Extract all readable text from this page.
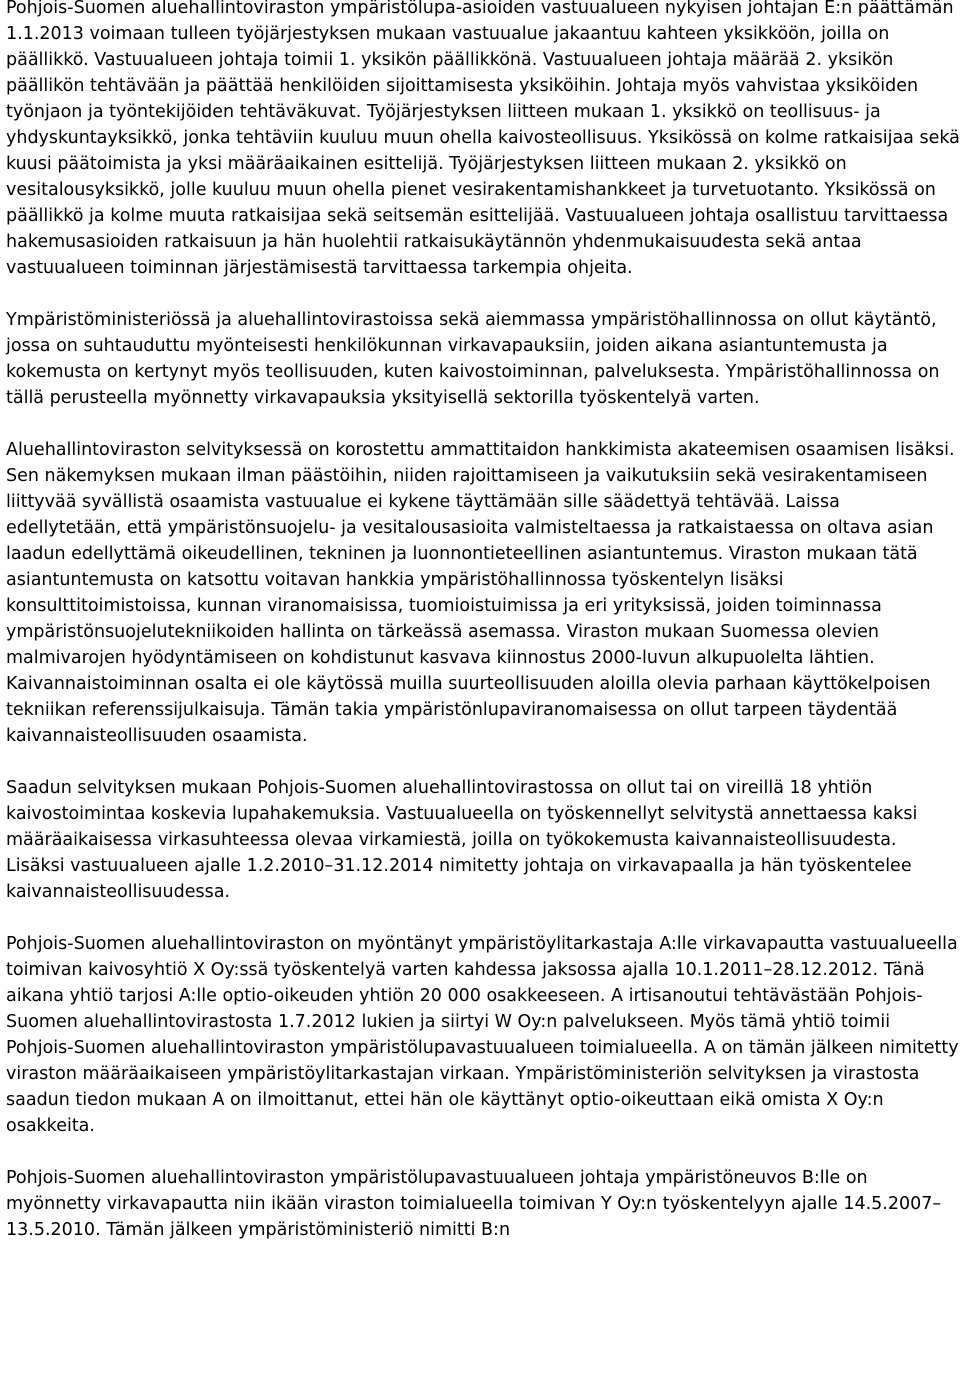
Pohjois-Suomen aluehallintoviraston ympäristölupa-asioiden vastuualueen nykyisen johtajan E:n päättämän 1.1.2013 voimaan tulleen työjärjestyksen mukaan vastuualue jakaantuu kahteen yksikköön, joilla on päällikkö. Vastuualueen johtaja toimii 1. yksikön päällikkönä. Vastuualueen johtaja määrää 2. yksikön päällikön tehtävään ja päättää henkilöiden sijoittamisesta yksiköihin. Johtaja myös vahvistaa yksiköiden työnjaon ja työntekijöiden tehtäväkuvat. Työjärjestyksen liitteen mukaan 1. yksikkö on teollisuus- ja yhdyskuntayksikkö, jonka tehtäviin kuuluu muun ohella kaivosteollisuus. Yksikössä on kolme ratkaisijaa sekä kuusi päätoimista ja yksi määräaikainen esittelijä. Työjärjestyksen liitteen mukaan 2. yksikkö on vesitalousyksikkö, jolle kuuluu muun ohella pienet vesirakentamishankkeet ja turvetuotanto. Yksikössä on päällikkö ja kolme muuta ratkaisijaa sekä seitsemän esittelijää. Vastuualueen johtaja osallistuu tarvittaessa hakemusasioiden ratkaisuun ja hän huolehtii ratkaisukäytännön yhdenmukaisuudesta sekä antaa vastuualueen toiminnan järjestämisestä tarvittaessa tarkempia ohjeita.

Ympäristöministeriössä ja aluehallintovirastoissa sekä aiemmassa ympäristöhallinnossa on ollut käytäntö, jossa on suhtauduttu myönteisesti henkilökunnan virkavapauksiin, joiden aikana asiantuntemusta ja kokemusta on kertynyt myös teollisuuden, kuten kaivostoiminnan, palveluksesta. Ympäristöhallinnossa on tällä perusteella myönnetty virkavapauksia yksityisellä sektorilla työskentelyä varten.

Aluehallintoviraston selvityksessä on korostettu ammattitaidon hankkimista akateemisen osaamisen lisäksi. Sen näkemyksen mukaan ilman päästöihin, niiden rajoittamiseen ja vaikutuksiin sekä vesirakentamiseen liittyvää syvällistä osaamista vastuualue ei kykene täyttämään sille säädettyä tehtävää. Laissa edellytetään, että ympäristönsuojelu- ja vesitalousasioita valmisteltaessa ja ratkaistaessa on oltava asian laadun edellyttämä oikeudellinen, tekninen ja luonnontieteellinen asiantuntemus. Viraston mukaan tätä asiantuntemusta on katsottu voitavan hankkia ympäristöhallinnossa työskentelyn lisäksi konsulttitoimistoissa, kunnan viranomaisissa, tuomioistuimissa ja eri yrityksissä, joiden toiminnassa ympäristönsuojelutekniikoiden hallinta on tärkeässä asemassa. Viraston mukaan Suomessa olevien malmivarojen hyödyntämiseen on kohdistunut kasvava kiinnostus 2000-luvun alkupuolelta lähtien. Kaivannaistoiminnan osalta ei ole käytössä muilla suurteollisuuden aloilla olevia parhaan käyttökelpoisen tekniikan referenssijulkaisuja. Tämän takia ympäristönlupaviranomaisessa on ollut tarpeen täydentää kaivannaisteollisuuden osaamista.

Saadun selvityksen mukaan Pohjois-Suomen aluehallintovirastossa on ollut tai on vireillä 18 yhtiön kaivostoimintaa koskevia lupahakemuksia. Vastuualueella on työskennellyt selvitystä annettaessa kaksi määräaikaisessa virkasuhteessa olevaa virkamiestä, joilla on työkokemusta kaivannaisteollisuudesta. Lisäksi vastuualueen ajalle 1.2.2010–31.12.2014 nimitetty johtaja on virkavapaalla ja hän työskentelee kaivannaisteollisuudessa.

Pohjois-Suomen aluehallintoviraston on myöntänyt ympäristöylitarkastaja A:lle virkavapautta vastuualueella toimivan kaivosyhtiö X Oy:ssä työskentelyä varten kahdessa jaksossa ajalla 10.1.2011–28.12.2012. Tänä aikana yhtiö tarjosi A:lle optio-oikeuden yhtiön 20 000 osakkeeseen. A irtisanoutui tehtävästään Pohjois-Suomen aluehallintovirastosta 1.7.2012 lukien ja siirtyi W Oy:n palvelukseen. Myös tämä yhtiö toimii Pohjois-Suomen aluehallintoviraston ympäristölupavastuualueen toimialueella. A on tämän jälkeen nimitetty viraston määräaikaiseen ympäristöylitarkastajan virkaan. Ympäristöministeriön selvityksen ja virastosta saadun tiedon mukaan A on ilmoittanut, ettei hän ole käyttänyt optio-oikeuttaan eikä omista X Oy:n osakkeita.

Pohjois-Suomen aluehallintoviraston ympäristölupavastuualueen johtaja ympäristöneuvos B:lle on myönnetty virkavapautta niin ikään viraston toimialueella toimivan Y Oy:n työskentelyyn ajalle 14.5.2007–13.5.2010. Tämän jälkeen ympäristöministeriö nimitti B:n
